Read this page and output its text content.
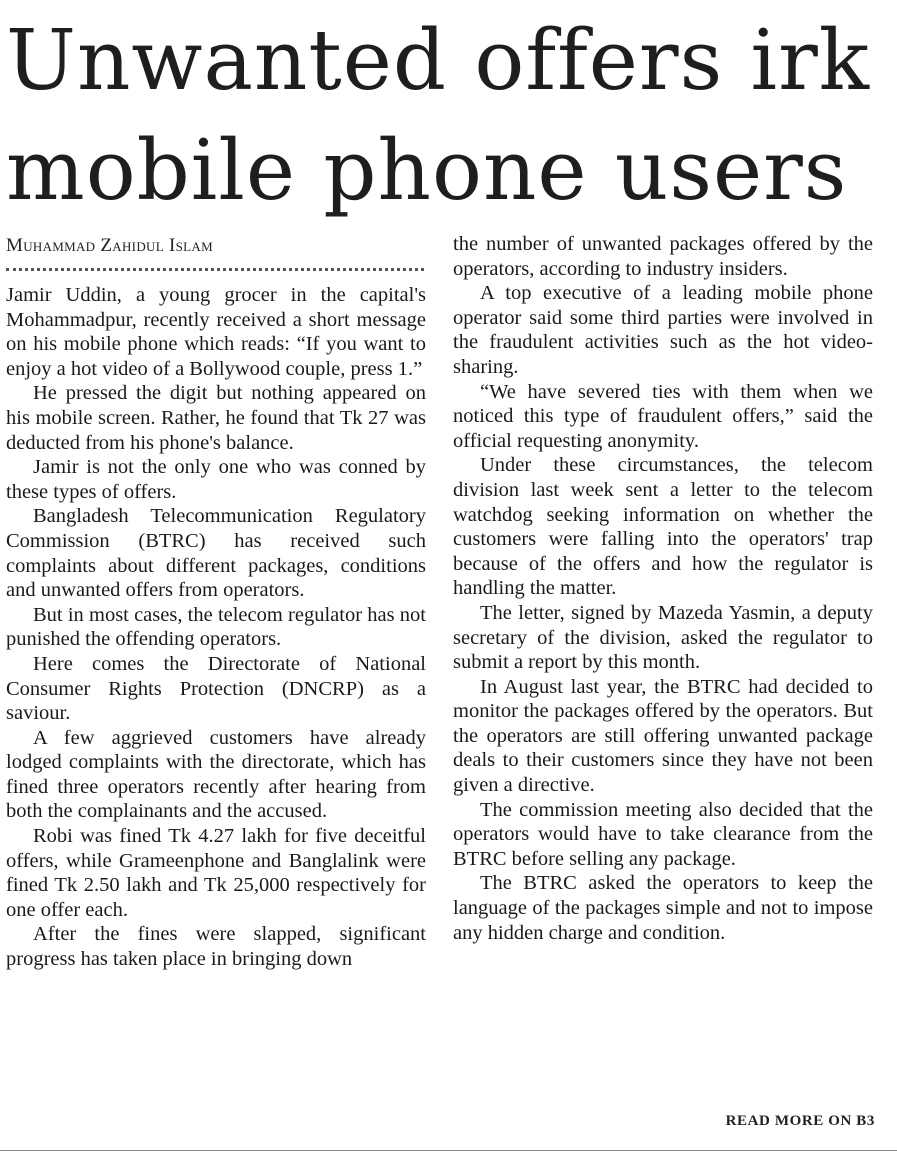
Unwanted offers irk mobile phone users
Muhammad Zahidul Islam

Jamir Uddin, a young grocer in the capital's Mohammadpur, recently received a short message on his mobile phone which reads: “If you want to enjoy a hot video of a Bollywood couple, press 1.”

He pressed the digit but nothing appeared on his mobile screen. Rather, he found that Tk 27 was deducted from his phone's balance.

Jamir is not the only one who was conned by these types of offers.

Bangladesh Telecommunication Regulatory Commission (BTRC) has received such complaints about different packages, conditions and unwanted offers from operators.

But in most cases, the telecom regulator has not punished the offending operators.

Here comes the Directorate of National Consumer Rights Protection (DNCRP) as a saviour.

A few aggrieved customers have already lodged complaints with the directorate, which has fined three operators recently after hearing from both the complainants and the accused.

Robi was fined Tk 4.27 lakh for five deceitful offers, while Grameenphone and Banglalink were fined Tk 2.50 lakh and Tk 25,000 respectively for one offer each.

After the fines were slapped, significant progress has taken place in bringing down

the number of unwanted packages offered by the operators, according to industry insiders.

A top executive of a leading mobile phone operator said some third parties were involved in the fraudulent activities such as the hot video-sharing.

“We have severed ties with them when we noticed this type of fraudulent offers,” said the official requesting anonymity.

Under these circumstances, the telecom division last week sent a letter to the telecom watchdog seeking information on whether the customers were falling into the operators' trap because of the offers and how the regulator is handling the matter.

The letter, signed by Mazeda Yasmin, a deputy secretary of the division, asked the regulator to submit a report by this month.

In August last year, the BTRC had decided to monitor the packages offered by the operators. But the operators are still offering unwanted package deals to their customers since they have not been given a directive.

The commission meeting also decided that the operators would have to take clearance from the BTRC before selling any package.

The BTRC asked the operators to keep the language of the packages simple and not to impose any hidden charge and condition.

READ MORE ON B3
